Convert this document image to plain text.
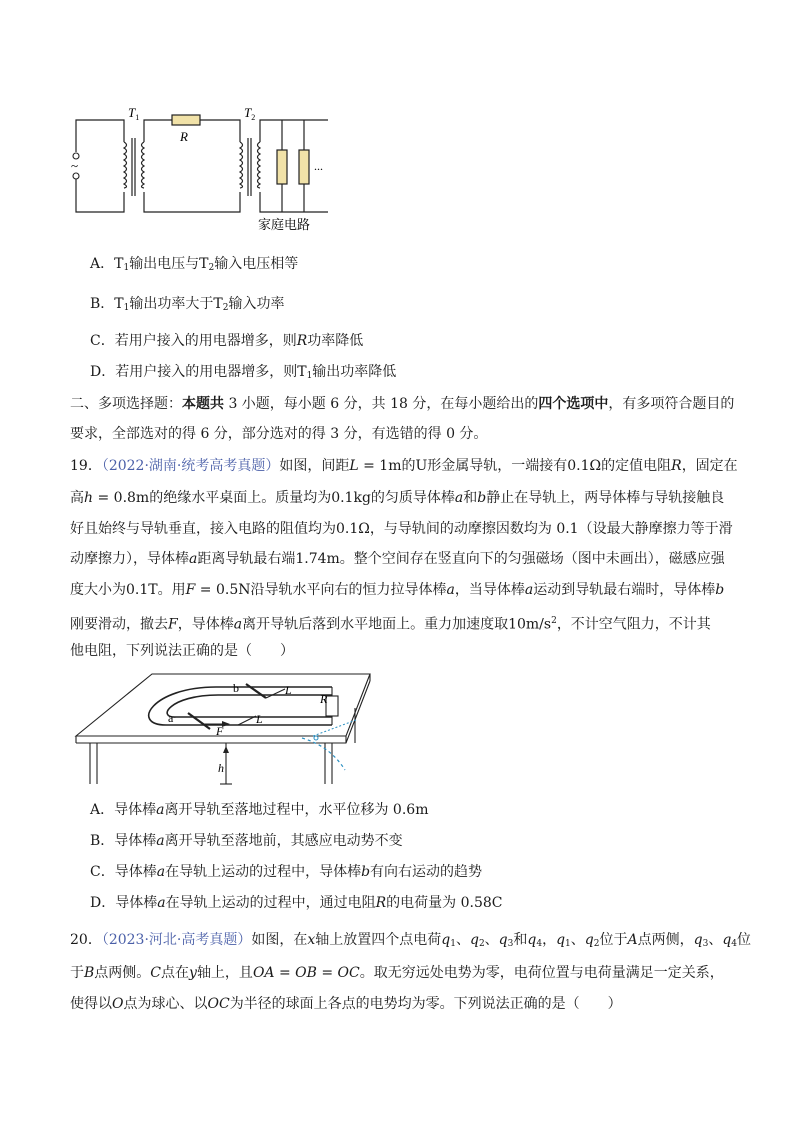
~
$T_1$	$T_2$
R
...
家庭电路
A．$T_1$输出电压与$T_2$输入电压相等
B．$T_1$输出功率大于$T_2$输入功率
C．若用户接入的用电器增多，则R功率降低
D．若用户接入的用电器增多，则$T_1$输出功率降低
二、多项选择题：本题共 3 小题，每小题 6 分，共 18 分，在每小题给出的四个选项中，有多项符合题目的
要求，全部选对的得 6 分，部分选对的得 3 分，有选错的得 0 分。
19．（2022·湖南·统考高考真题）如图，间距L = 1m的U形金属导轨，一端接有0.1Ω的定值电阻R，固定在
高h = 0.8m的绝缘水平桌面上。质量均为0.1kg的匀质导体棒a和b静止在导轨上，两导体棒与导轨接触良
好且始终与导轨垂直，接入电路的阻值均为0.1Ω，与导轨间的动摩擦因数均为 0.1（设最大静摩擦力等于滑
动摩擦力），导体棒a距离导轨最右端1.74m。整个空间存在竖直向下的匀强磁场（图中未画出），磁感应强
度大小为0.1T。用F = 0.5N沿导轨水平向右的恒力拉导体棒a，当导体棒a运动到导轨最右端时，导体棒b
刚要滑动，撤去F，导体棒a离开导轨后落到水平地面上。重力加速度取$10m/s^2$，不计空气阻力，不计其
他电阻，下列说法正确的是（　　）
b
a
L
L
R
F
h
A．导体棒a离开导轨至落地过程中，水平位移为 0.6m
B．导体棒a离开导轨至落地前，其感应电动势不变
C．导体棒a在导轨上运动的过程中，导体棒b有向右运动的趋势
D．导体棒a在导轨上运动的过程中，通过电阻R的电荷量为 0.58C
20．（2023·河北·高考真题）如图，在x轴上放置四个点电荷$q_1$、$q_2$、$q_3$和$q_4$，$q_1$、$q_2$位于A点两侧，$q_3$、$q_4$位
于B点两侧。C点在y轴上，且OA = OB = OC。取无穷远处电势为零，电荷位置与电荷量满足一定关系，
使得以O点为球心、以OC为半径的球面上各点的电势均为零。下列说法正确的是（　　）
